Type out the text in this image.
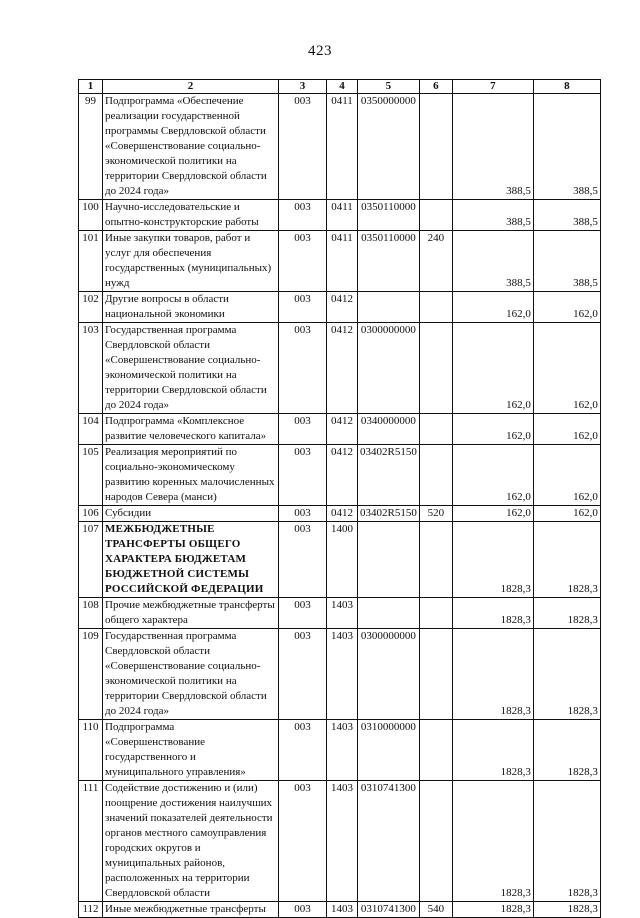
423
1	2	3	4	5	6	7	8
99	Подпрограмма «Обеспечение реализации государственной программы Свердловской области «Совершенствование социально-экономической политики на территории Свердловской области до 2024 года»	003	0411	0350000000		388,5	388,5
100	Научно-исследовательские и опытно-конструкторские работы	003	0411	0350110000		388,5	388,5
101	Иные закупки товаров, работ и услуг для обеспечения государственных (муниципальных) нужд	003	0411	0350110000	240	388,5	388,5
102	Другие вопросы в области национальной экономики	003	0412			162,0	162,0
103	Государственная программа Свердловской области «Совершенствование социально-экономической политики на территории Свердловской области до 2024 года»	003	0412	0300000000		162,0	162,0
104	Подпрограмма «Комплексное развитие человеческого капитала»	003	0412	0340000000		162,0	162,0
105	Реализация мероприятий по социально-экономическому развитию коренных малочисленных народов Севера (манси)	003	0412	03402R5150		162,0	162,0
106	Субсидии	003	0412	03402R5150	520	162,0	162,0
107	МЕЖБЮДЖЕТНЫЕ ТРАНСФЕРТЫ ОБЩЕГО ХАРАКТЕРА БЮДЖЕТАМ БЮДЖЕТНОЙ СИСТЕМЫ РОССИЙСКОЙ ФЕДЕРАЦИИ	003	1400			1828,3	1828,3
108	Прочие межбюджетные трансферты общего характера	003	1403			1828,3	1828,3
109	Государственная программа Свердловской области «Совершенствование социально-экономической политики на территории Свердловской области до 2024 года»	003	1403	0300000000		1828,3	1828,3
110	Подпрограмма «Совершенствование государственного и муниципального управления»	003	1403	0310000000		1828,3	1828,3
111	Содействие достижению и (или) поощрение достижения наилучших значений показателей деятельности органов местного самоуправления городских округов и муниципальных районов, расположенных на территории Свердловской области	003	1403	0310741300		1828,3	1828,3
112	Иные межбюджетные трансферты	003	1403	0310741300	540	1828,3	1828,3
